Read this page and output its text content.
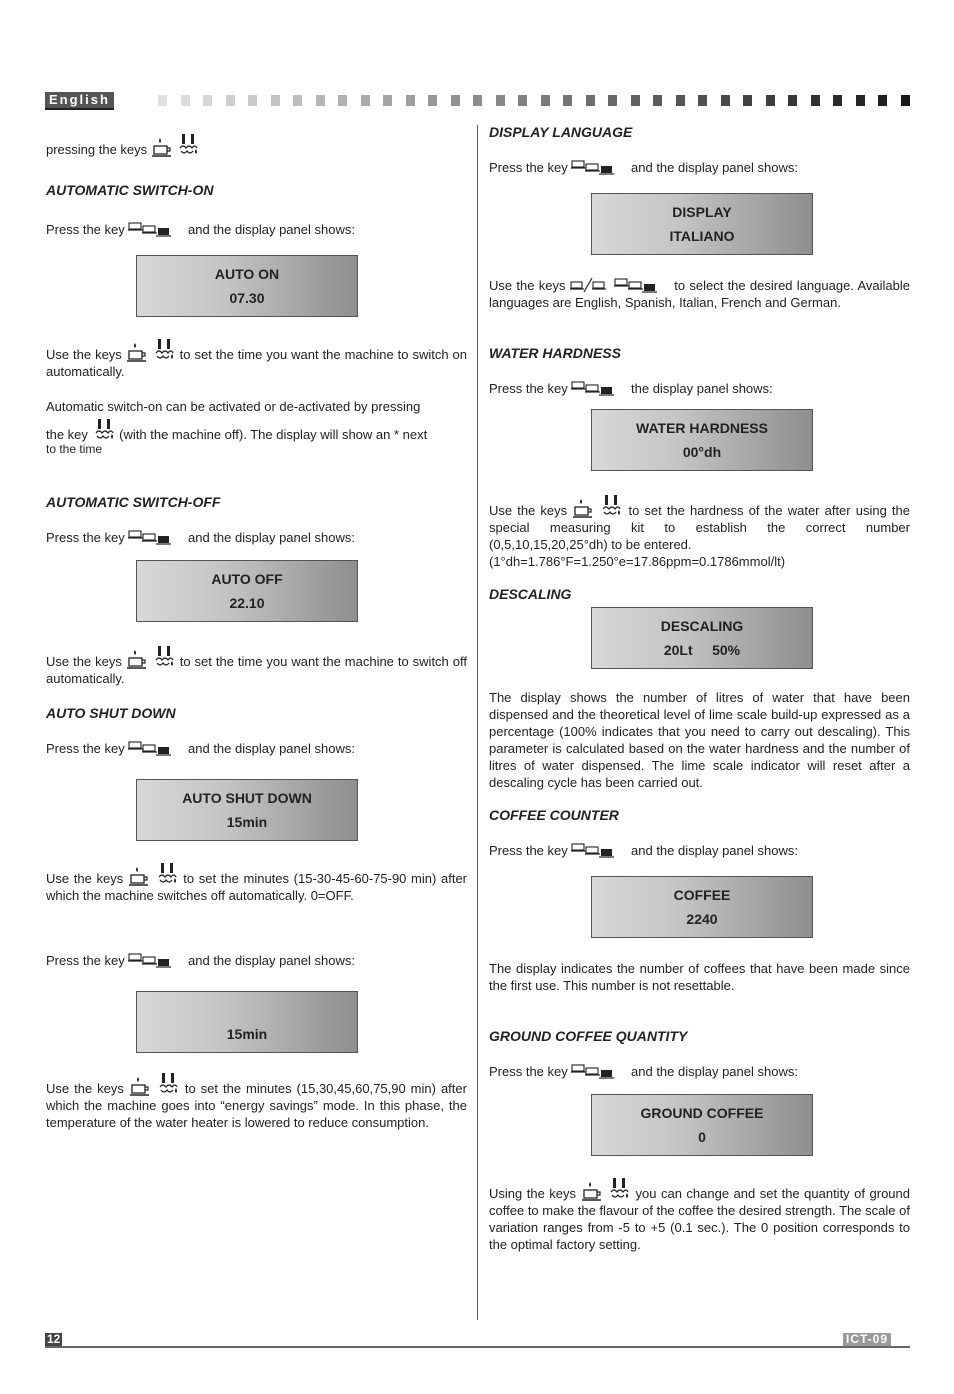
English

pressing the keys

AUTOMATIC SWITCH-ON

Press the key	and the display panel shows:

AUTO ON
07.30

Use the keys	to set the time you want the machine to switch on automatically.

Automatic switch-on can be activated or de-activated by pressing

the key (with the machine off). The display will show an * next

to the time

AUTOMATIC SWITCH-OFF

Press the key	and the display panel shows:

AUTO OFF
22.10

Use the keys	to set the time you want the machine to switch off automatically.

AUTO SHUT DOWN

Press the key	and the display panel shows:

AUTO SHUT DOWN
15min

Use the keys	to set the minutes (15-30-45-60-75-90 min) after which the machine switches off automatically. 0=OFF.

Press the key	and the display panel shows:

15min

Use the keys	to set the minutes (15,30,45,60,75,90 min) after which the machine goes into “energy savings” mode. In this phase, the temperature of the water heater is lowered to reduce consumption.

DISPLAY LANGUAGE

Press the key	and the display panel shows:

DISPLAY
ITALIANO

Use the keys	to select the desired language. Available languages are English, Spanish, Italian, French and German.

WATER HARDNESS

Press the key	the display panel shows:

WATER HARDNESS
00°dh

Use the keys	to set the hardness of the water after using the special measuring kit to establish the correct number (0,5,10,15,20,25°dh) to be entered.

(1°dh=1.786°F=1.250°e=17.86ppm=0.1786mmol/lt)

DESCALING

DESCALING
20Lt     50%

The display shows the number of litres of water that have been dispensed and the theoretical level of lime scale build-up expressed as a percentage (100% indicates that you need to carry out descaling). This parameter is calculated based on the water hardness and the number of litres of water dispensed. The lime scale indicator will reset after a descaling cycle has been carried out.

COFFEE COUNTER

Press the key	and the display panel shows:

COFFEE
2240

The display indicates the number of coffees that have been made since the first use. This number is not resettable.

GROUND COFFEE QUANTITY

Press the key	and the display panel shows:

GROUND COFFEE
0

Using the keys	you can change and set the quantity of ground coffee to make the flavour of the coffee the desired strength. The scale of variation ranges from -5 to +5 (0.1 sec.). The 0 position corresponds to the optimal factory setting.

12	ICT-09
